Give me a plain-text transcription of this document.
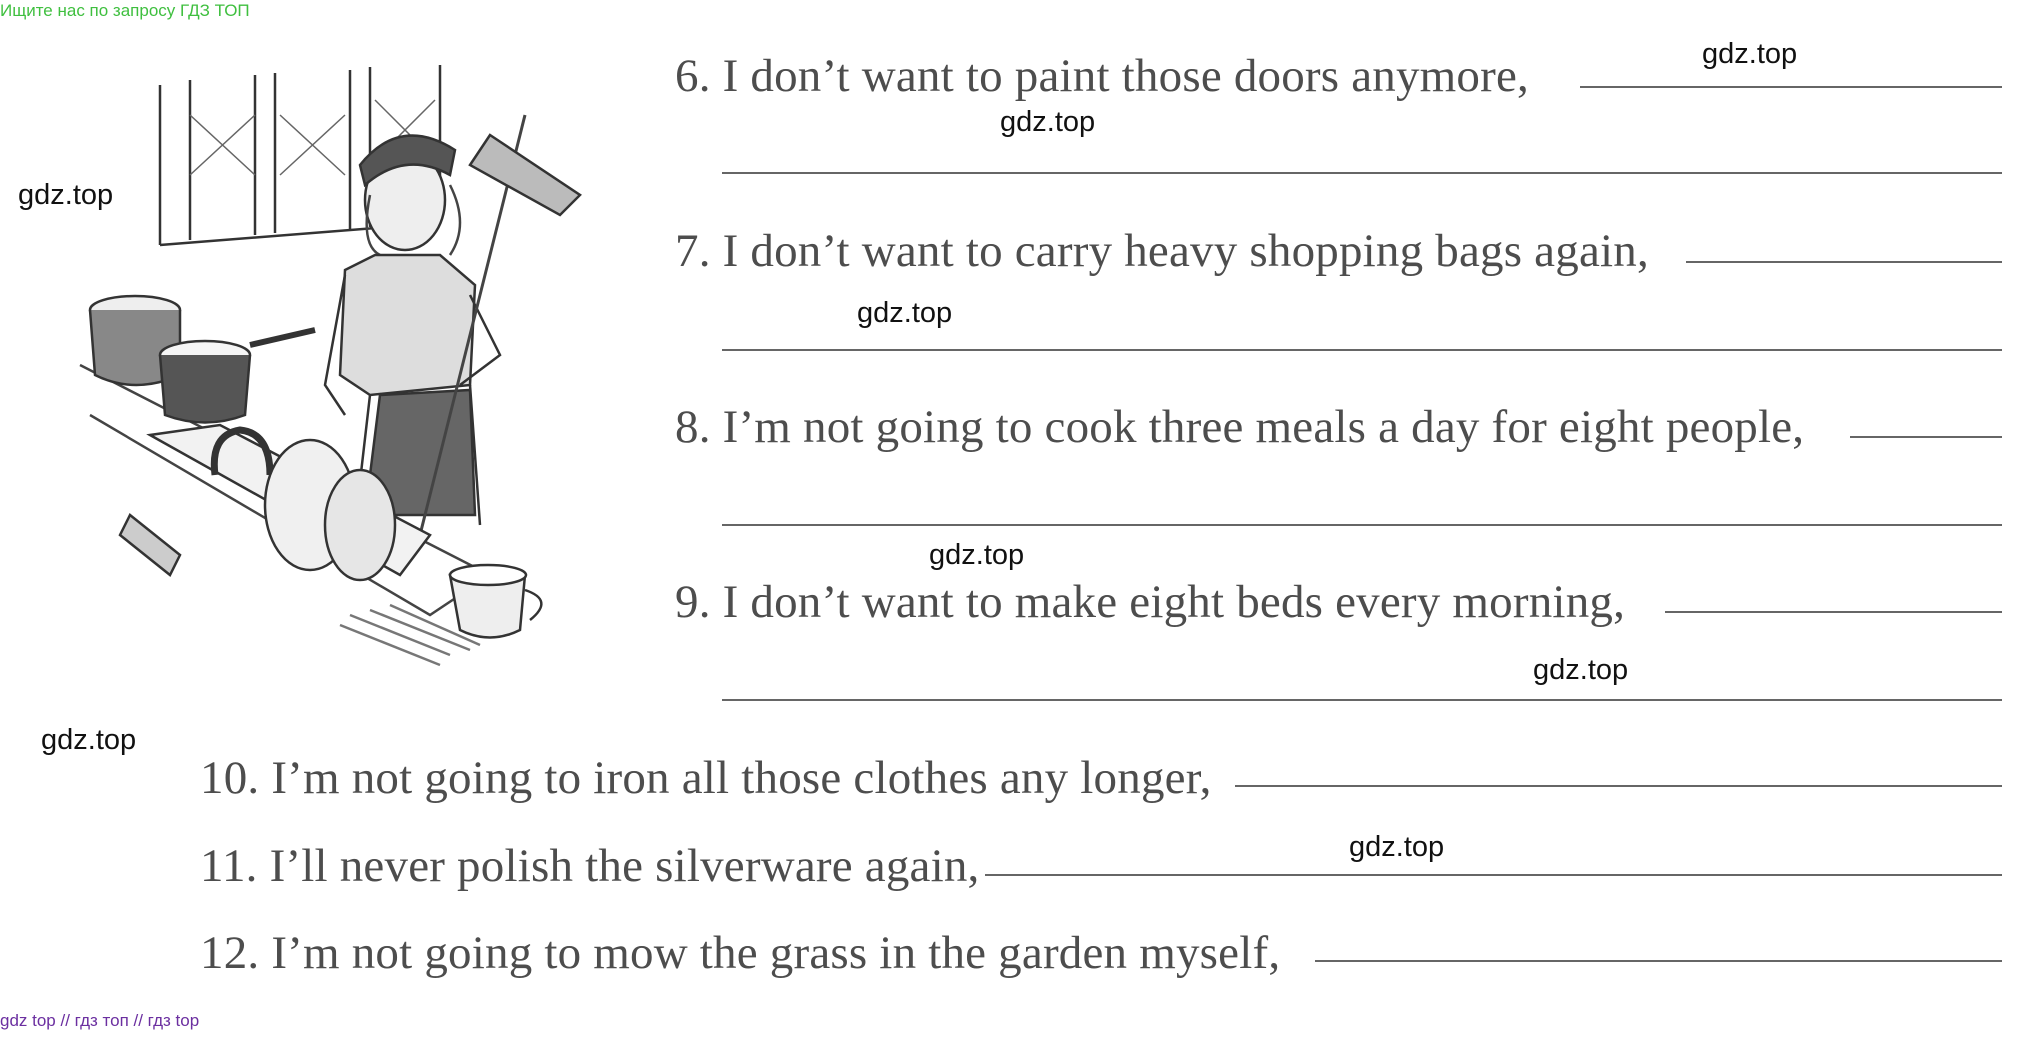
Ищите нас по запросу ГДЗ ТОП
gdz.top
gdz.top
gdz.top
gdz.top
gdz.top
gdz.top
gdz.top
gdz.top
6. I don’t want to paint those doors anymore,
7. I don’t want to carry heavy shopping bags again,
8. I’m not going to cook three meals a day for eight people,
9. I don’t want to make eight beds every morning,
10. I’m not going to iron all those clothes any longer,
11. I’ll never polish the silverware again,
12. I’m not going to mow the grass in the garden myself,
gdz top // гдз топ // гдз top
